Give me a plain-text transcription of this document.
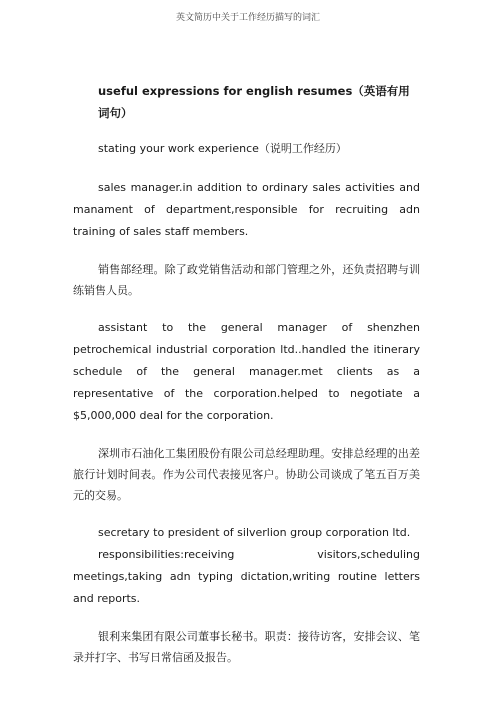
英文简历中关于工作经历描写的词汇
useful expressions for english resumes（英语有用词句）

stating your work experience（说明工作经历）

sales manager.in addition to ordinary sales activities and manament of department,responsible for recruiting adn training of sales staff members.

销售部经理。除了政党销售活动和部门管理之外，还负责招聘与训练销售人员。

assistant to the general manager of shenzhen petrochemical industrial corporation ltd..handled the itinerary schedule of the general manager.met clients as a representative of the corporation.helped to negotiate a $5,000,000 deal for the corporation.

深圳市石油化工集团股份有限公司总经理助理。安排总经理的出差旅行计划时间表。作为公司代表接见客户。协助公司谈成了笔五百万美元的交易。

secretary to president of silverlion group corporation ltd.

responsibilities:receiving visitors,scheduling meetings,taking adn typing dictation,writing routine letters and reports.

银利来集团有限公司董事长秘书。职责：接待访客，安排会议、笔录并打字、书写日常信函及报告。
